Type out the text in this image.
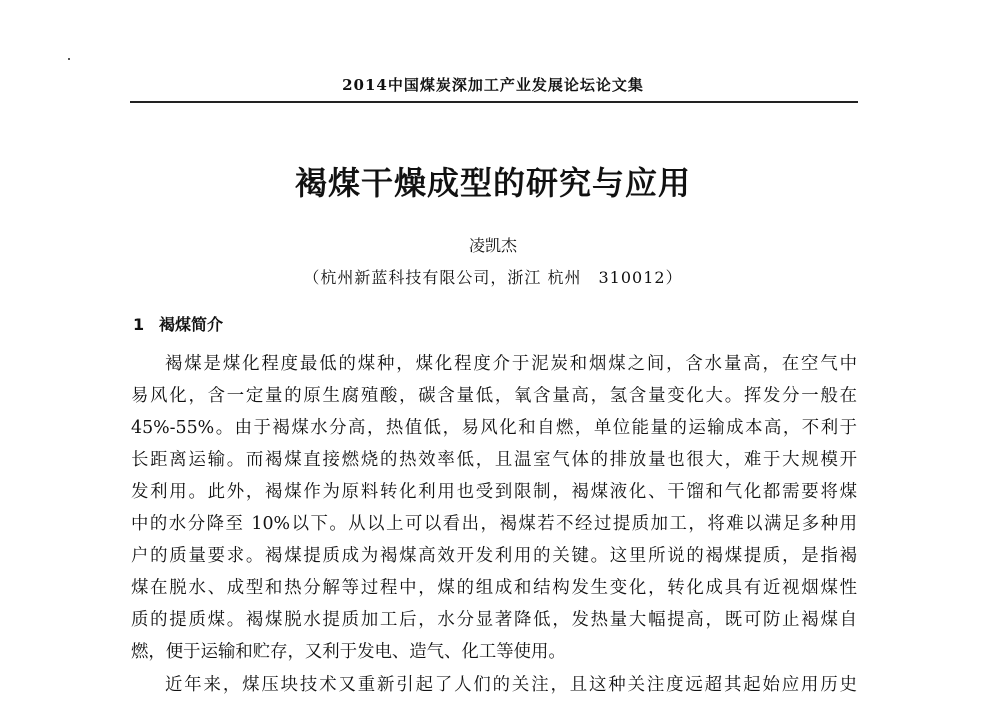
2014中国煤炭深加工产业发展论坛论文集
褐煤干燥成型的研究与应用
凌凯杰
（杭州新蓝科技有限公司，浙江 杭州　310012）
1 褐煤简介
褐煤是煤化程度最低的煤种，煤化程度介于泥炭和烟煤之间，含水量高，在空气中
易风化，含一定量的原生腐殖酸，碳含量低，氧含量高，氢含量变化大。挥发分一般在
45%-55%。由于褐煤水分高，热值低，易风化和自燃，单位能量的运输成本高，不利于
长距离运输。而褐煤直接燃烧的热效率低，且温室气体的排放量也很大，难于大规模开
发利用。此外，褐煤作为原料转化利用也受到限制，褐煤液化、干馏和气化都需要将煤
中的水分降至 10%以下。从以上可以看出，褐煤若不经过提质加工，将难以满足多种用
户的质量要求。褐煤提质成为褐煤高效开发利用的关键。这里所说的褐煤提质，是指褐
煤在脱水、成型和热分解等过程中，煤的组成和结构发生变化，转化成具有近视烟煤性
质的提质煤。褐煤脱水提质加工后，水分显著降低，发热量大幅提高，既可防止褐煤自
燃，便于运输和贮存，又利于发电、造气、化工等使用。
近年来，煤压块技术又重新引起了人们的关注，且这种关注度远超其起始应用历史
